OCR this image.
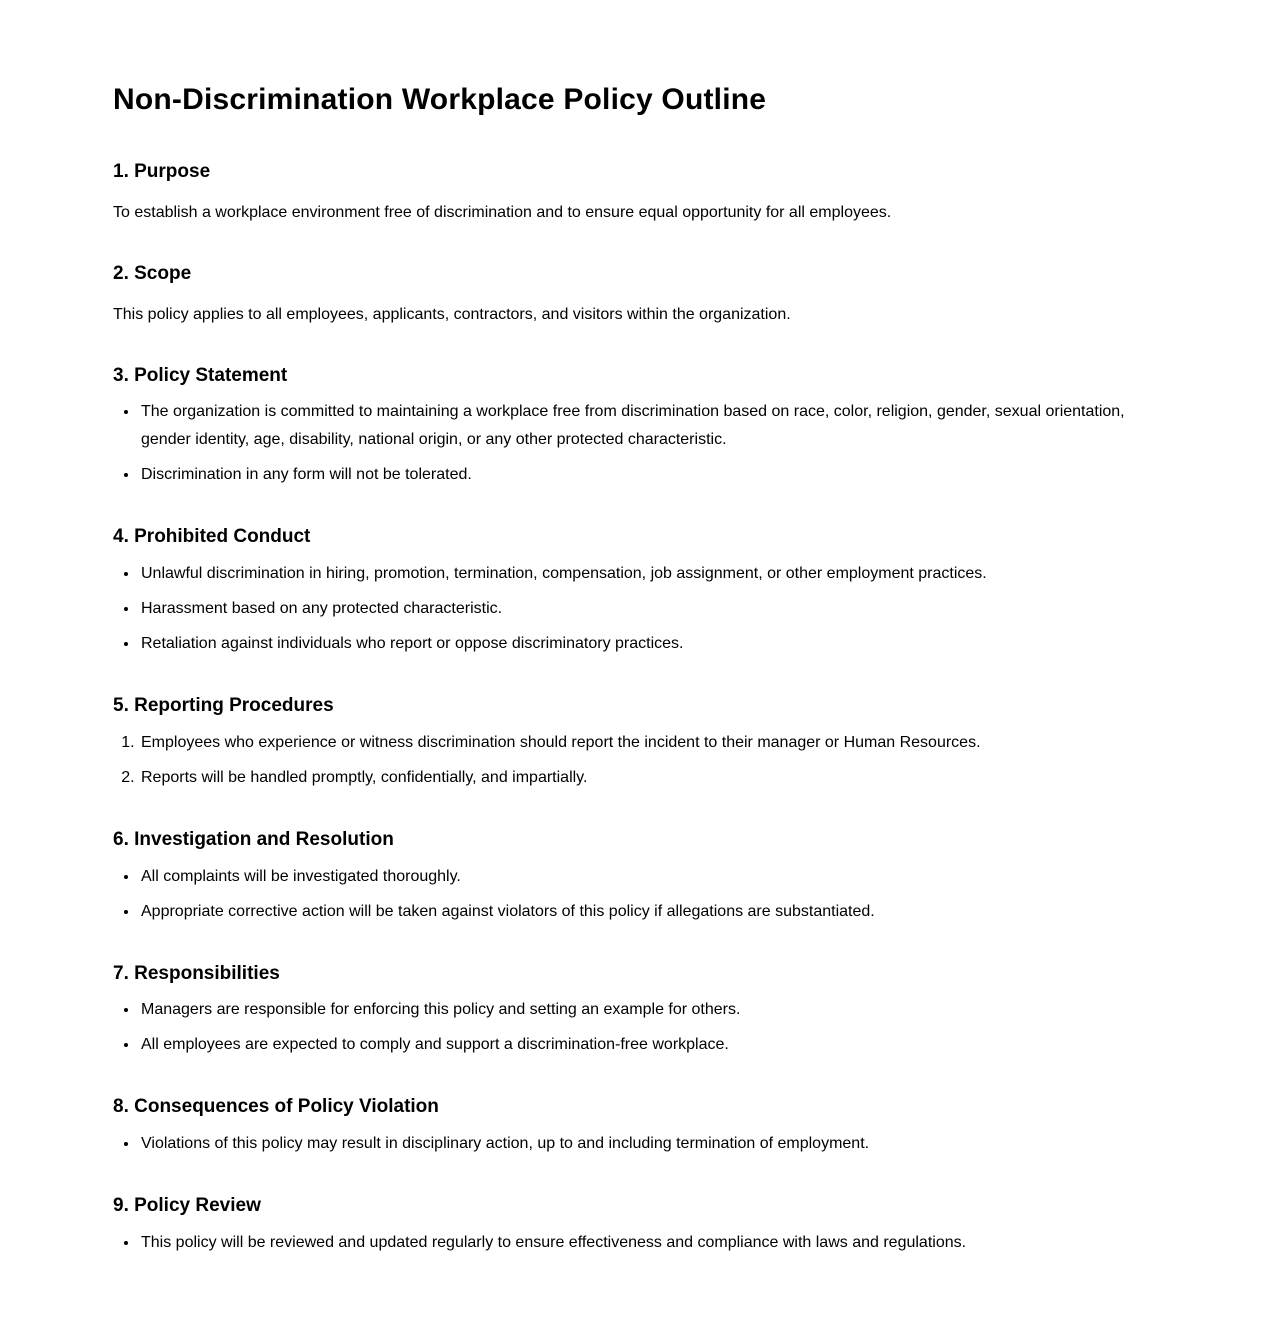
Non-Discrimination Workplace Policy Outline
1. Purpose

To establish a workplace environment free of discrimination and to ensure equal opportunity for all employees.

2. Scope

This policy applies to all employees, applicants, contractors, and visitors within the organization.

3. Policy Statement
• The organization is committed to maintaining a workplace free from discrimination based on race, color, religion, gender, sexual orientation, gender identity, age, disability, national origin, or any other protected characteristic.
• Discrimination in any form will not be tolerated.
4. Prohibited Conduct
• Unlawful discrimination in hiring, promotion, termination, compensation, job assignment, or other employment practices.
• Harassment based on any protected characteristic.
• Retaliation against individuals who report or oppose discriminatory practices.
5. Reporting Procedures
1. Employees who experience or witness discrimination should report the incident to their manager or Human Resources.
2. Reports will be handled promptly, confidentially, and impartially.
6. Investigation and Resolution
• All complaints will be investigated thoroughly.
• Appropriate corrective action will be taken against violators of this policy if allegations are substantiated.
7. Responsibilities
• Managers are responsible for enforcing this policy and setting an example for others.
• All employees are expected to comply and support a discrimination-free workplace.
8. Consequences of Policy Violation
• Violations of this policy may result in disciplinary action, up to and including termination of employment.
9. Policy Review
• This policy will be reviewed and updated regularly to ensure effectiveness and compliance with laws and regulations.
